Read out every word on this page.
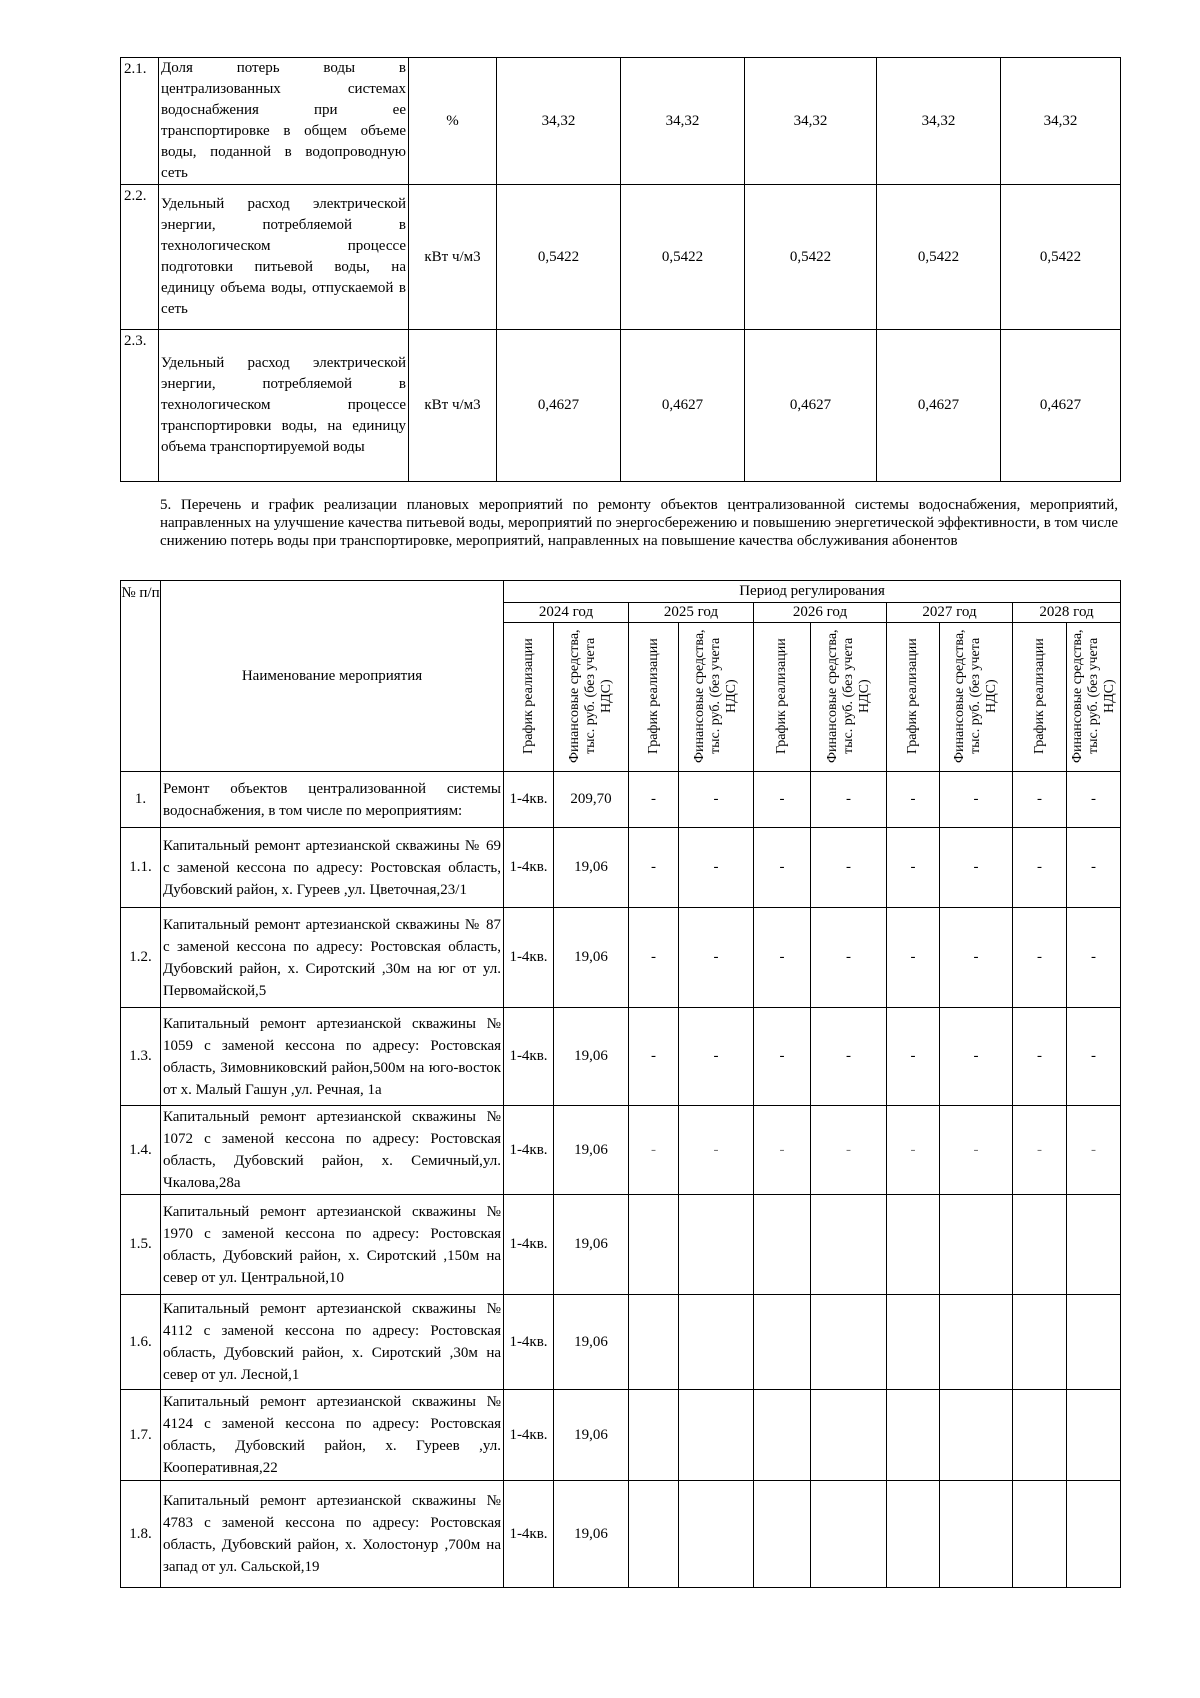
2.1.	Доля потерь воды в централизованных системах водоснабжения при ее транспортировке в общем объеме воды, поданной в водопроводную сеть	%	34,32	34,32	34,32	34,32	34,32
2.2.	Удельный расход электрической энергии, потребляемой в технологическом процессе подготовки питьевой воды, на единицу объема воды, отпускаемой в сеть	кВт ч/м3	0,5422	0,5422	0,5422	0,5422	0,5422
2.3.	Удельный расход электрической энергии, потребляемой в технологическом процессе транспортировки воды, на единицу объема транспортируемой воды	кВт ч/м3	0,4627	0,4627	0,4627	0,4627	0,4627
5. Перечень и график реализации плановых мероприятий по ремонту объектов централизованной системы водоснабжения, мероприятий, направленных на улучшение качества питьевой воды, мероприятий по энергосбережению и повышению энергетической эффективности, в том числе снижению потерь воды при транспортировке, мероприятий, направленных на повышение качества обслуживания абонентов
№ п/п	Наименование мероприятия	Период регулирования									
		2024 год		2025 год		2026 год		2027 год		2028 год	
		График реализации	Финансовые средства, тыс. руб. (без учета НДС)	График реализации	Финансовые средства, тыс. руб. (без учета НДС)	График реализации	Финансовые средства, тыс. руб. (без учета НДС)	График реализации	Финансовые средства, тыс. руб. (без учета НДС)	График реализации	Финансовые средства, тыс. руб. (без учета НДС)
1.	Ремонт объектов централизованной системы водоснабжения, в том числе по мероприятиям:	1-4кв.	209,70	-	-	-	-	-	-	-	-
1.1.	Капитальный ремонт артезианской скважины № 69 с заменой кессона по адресу: Ростовская область, Дубовский район, х. Гуреев ,ул. Цветочная,23/1	1-4кв.	19,06	-	-	-	-	-	-	-	-
1.2.	Капитальный ремонт артезианской скважины № 87 с заменой кессона по адресу: Ростовская область, Дубовский район, х. Сиротский ,30м на юг от ул. Первомайской,5	1-4кв.	19,06	-	-	-	-	-	-	-	-
1.3.	Капитальный ремонт артезианской скважины № 1059 с заменой кессона по адресу: Ростовская область, Зимовниковский район,500м на юго-восток от х. Малый Гашун ,ул. Речная, 1а	1-4кв.	19,06	-	-	-	-	-	-	-	-
1.4.	Капитальный ремонт артезианской скважины № 1072 с заменой кессона по адресу: Ростовская область, Дубовский район, х. Семичный,ул. Чкалова,28а	1-4кв.	19,06	-	-	-	-	-	-	-	-
1.5.	Капитальный ремонт артезианской скважины № 1970 с заменой кессона по адресу: Ростовская область, Дубовский район, х. Сиротский ,150м на север от ул. Центральной,10	1-4кв.	19,06								
1.6.	Капитальный ремонт артезианской скважины № 4112 с заменой кессона по адресу: Ростовская область, Дубовский район, х. Сиротский ,30м на север от ул. Лесной,1	1-4кв.	19,06								
1.7.	Капитальный ремонт артезианской скважины № 4124 с заменой кессона по адресу: Ростовская область, Дубовский район, х. Гуреев ,ул. Кооперативная,22	1-4кв.	19,06								
1.8.	Капитальный ремонт артезианской скважины № 4783 с заменой кессона по адресу: Ростовская область, Дубовский район, х. Холостонур ,700м на запад от ул. Сальской,19	1-4кв.	19,06								
